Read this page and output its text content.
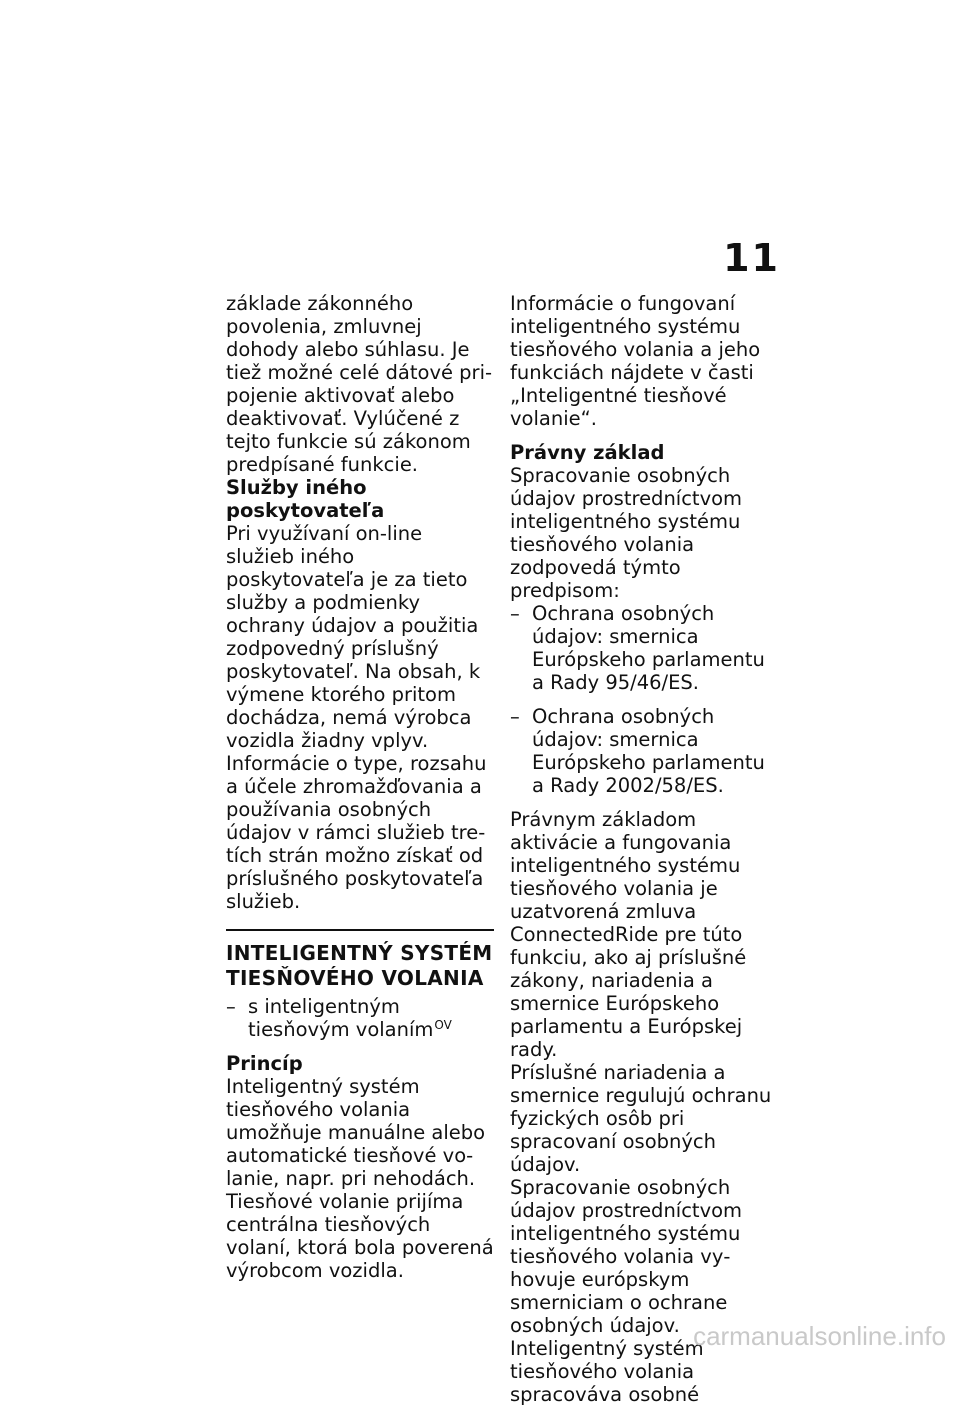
11

základe zákonného povolenia, zmluvnej dohody alebo súhlasu. Je tiež možné celé dátové pripojenie aktivovať alebo deaktivovať. Vylúčené z tejto funkcie sú zákonom predpísané funkcie.

Služby iného poskytovateľa

Pri využívaní on-line služieb iného poskytovateľa je za tieto služby a podmienky ochrany údajov a použitia zodpovedný príslušný poskytovateľ. Na obsah, k výmene ktorého pritom dochádza, nemá výrobca vozidla žiadny vplyv. Informácie o type, rozsahu a účele zhromažďovania a používania osobných údajov v rámci služieb tretích strán možno získať od príslušného poskytovateľa služieb.

INTELIGENTNÝ SYSTÉM TIESŇOVÉHO VOLANIA
– s inteligentným tiesňovým volaním$^{OV}$
Princíp

Inteligentný systém tiesňového volania umožňuje manuálne alebo automatické tiesňové volanie, napr. pri nehodách. Tiesňové volanie prijíma centrálna tiesňových volaní, ktorá bola poverená výrobcom vozidla.

Informácie o fungovaní inteligentného systému tiesňového volania a jeho funkciách nájdete v časti „Inteligentné tiesňové volanie“.

Právny základ

Spracovanie osobných údajov prostredníctvom inteligentného systému tiesňového volania zodpovedá týmto predpisom:

– Ochrana osobných údajov: smernica Európskeho parlamentu a Rady 95/46/ES.
– Ochrana osobných údajov: smernica Európskeho parlamentu a Rady 2002/58/ES.

Právnym základom aktivácie a fungovania inteligentného systému tiesňového volania je uzatvorená zmluva ConnectedRide pre túto funkciu, ako aj príslušné zákony, nariadenia a smernice Európskeho parlamentu a Európskej rady.

Príslušné nariadenia a smernice regulujú ochranu fyzických osôb pri spracovaní osobných údajov.

Spracovanie osobných údajov prostredníctvom inteligentného systému tiesňového volania vyhovuje európskym smerniciam o ochrane osobných údajov.

Inteligentný systém tiesňového volania spracováva osobné

carmanualsonline.info
